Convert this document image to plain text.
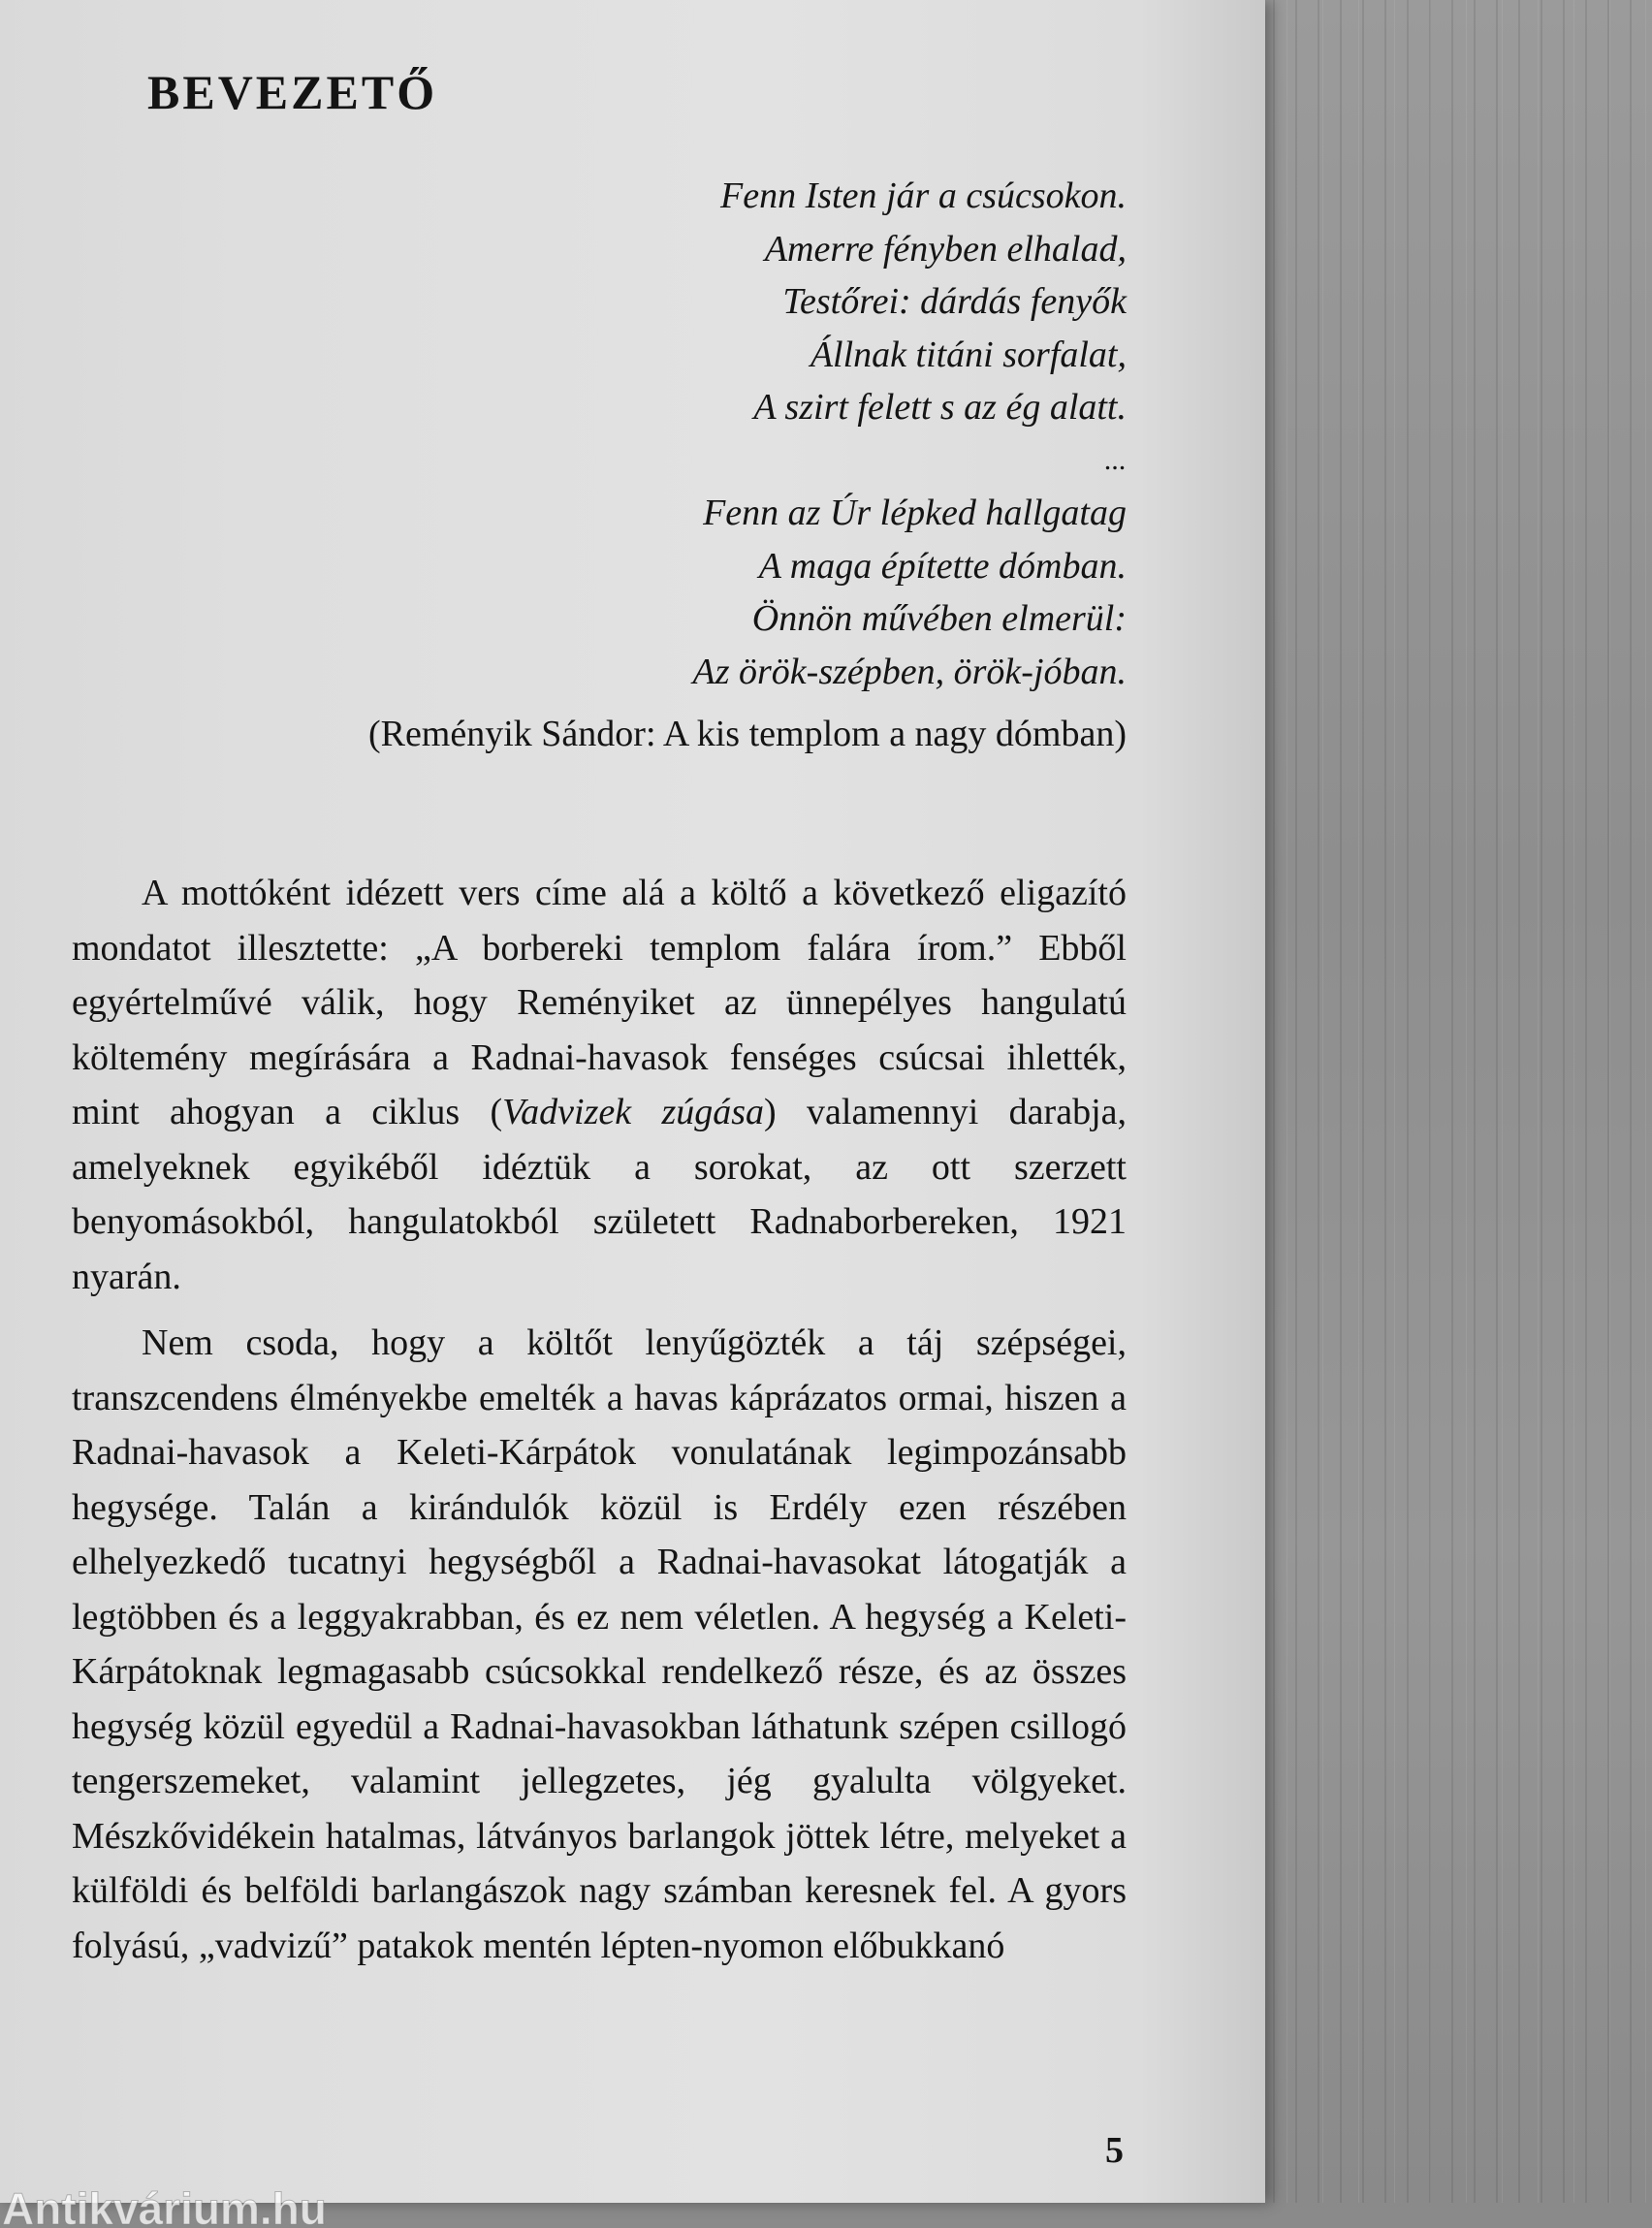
BEVEZETŐ
Fenn Isten jár a csúcsokon.
Amerre fényben elhalad,
Testőrei: dárdás fenyők
Állnak titáni sorfalat,
A szirt felett s az ég alatt.
...
Fenn az Úr lépked hallgatag
A maga építette dómban.
Önnön művében elmerül:
Az örök-szépben, örök-jóban.
(Reményik Sándor: A kis templom a nagy dómban)

A mottóként idézett vers címe alá a költő a következő eligazító mondatot illesztette: „A borbereki templom falára írom.” Ebből egyértelművé válik, hogy Reményiket az ünnepélyes hangulatú költemény megírására a Radnai-havasok fenséges csúcsai ihlették, mint ahogyan a ciklus (Vadvizek zúgása) valamennyi darabja, amelyeknek egyikéből idéztük a sorokat, az ott szerzett benyomásokból, hangulatokból született Radnaborbereken, 1921 nyarán.

Nem csoda, hogy a költőt lenyűgözték a táj szépségei, transzcendens élményekbe emelték a havas káprázatos ormai, hiszen a Radnai-havasok a Keleti-Kárpátok vonulatának legimpozánsabb hegysége. Talán a kirándulók közül is Erdély ezen részében elhelyezkedő tucatnyi hegységből a Radnai-havasokat látogatják a legtöbben és a leggyakrabban, és ez nem véletlen. A hegység a Keleti-Kárpátoknak legmagasabb csúcsokkal rendelkező része, és az összes hegység közül egyedül a Radnai-havasokban láthatunk szépen csillogó tengerszemeket, valamint jellegzetes, jég gyalulta völgyeket. Mészkővidékein hatalmas, látványos barlangok jöttek létre, melyeket a külföldi és belföldi barlangászok nagy számban keresnek fel. A gyors folyású, „vadvizű” patakok mentén lépten-nyomon előbukkanó

5
Antikvárium.hu
